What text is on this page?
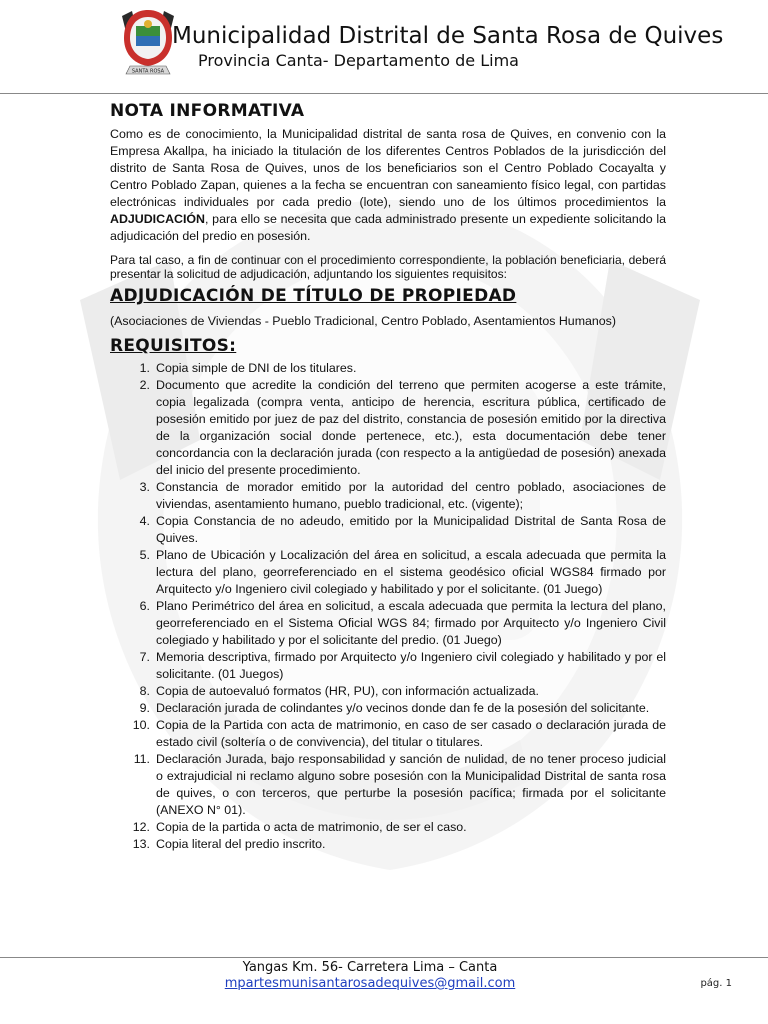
SANTA ROSA
Municipalidad Distrital de Santa Rosa de Quives
Provincia Canta- Departamento de Lima
NOTA INFORMATIVA

Como es de conocimiento, la Municipalidad distrital de santa rosa de Quives, en convenio con la Empresa Akallpa, ha iniciado la titulación de los diferentes Centros Poblados de la jurisdicción del distrito de Santa Rosa de Quives, unos de los beneficiarios son el Centro Poblado Cocayalta y Centro Poblado Zapan, quienes a la fecha se encuentran con saneamiento físico legal, con partidas electrónicas individuales por cada predio (lote), siendo uno de los últimos procedimientos la ADJUDICACIÓN, para ello se necesita que cada administrado presente un expediente solicitando la adjudicación del predio en posesión.

Para tal caso, a fin de continuar con el procedimiento correspondiente, la población beneficiaria, deberá presentar la solicitud de adjudicación, adjuntando los siguientes requisitos:

ADJUDICACIÓN DE TÍTULO DE PROPIEDAD

(Asociaciones de Viviendas - Pueblo Tradicional, Centro Poblado, Asentamientos Humanos)

REQUISITOS:
1. Copia simple de DNI de los titulares.
2. Documento que acredite la condición del terreno que permiten acogerse a este trámite, copia legalizada (compra venta, anticipo de herencia, escritura pública, certificado de posesión emitido por juez de paz del distrito, constancia de posesión emitido por la directiva de la organización social donde pertenece, etc.), esta documentación debe tener concordancia con la declaración jurada (con respecto a la antigüedad de posesión) anexada del inicio del presente procedimiento.
3. Constancia de morador emitido por la autoridad del centro poblado, asociaciones de viviendas, asentamiento humano, pueblo tradicional, etc. (vigente);
4. Copia Constancia de no adeudo, emitido por la Municipalidad Distrital de Santa Rosa de Quives.
5. Plano de Ubicación y Localización del área en solicitud, a escala adecuada que permita la lectura del plano, georreferenciado en el sistema geodésico oficial WGS84 firmado por Arquitecto y/o Ingeniero civil colegiado y habilitado y por el solicitante. (01 Juego)
6. Plano Perimétrico del área en solicitud, a escala adecuada que permita la lectura del plano, georreferenciado en el Sistema Oficial WGS 84; firmado por Arquitecto y/o Ingeniero Civil colegiado y habilitado y por el solicitante del predio. (01 Juego)
7. Memoria descriptiva, firmado por Arquitecto y/o Ingeniero civil colegiado y habilitado y por el solicitante. (01 Juegos)
8. Copia de autoevaluó formatos (HR, PU), con información actualizada.
9. Declaración jurada de colindantes y/o vecinos donde dan fe de la posesión del solicitante.
10. Copia de la Partida con acta de matrimonio, en caso de ser casado o declaración jurada de estado civil (soltería o de convivencia), del titular o titulares.
11. Declaración Jurada, bajo responsabilidad y sanción de nulidad, de no tener proceso judicial o extrajudicial ni reclamo alguno sobre posesión con la Municipalidad Distrital de santa rosa de quives, o con terceros, que perturbe la posesión pacífica; firmada por el solicitante (ANEXO N° 01).
12. Copia de la partida o acta de matrimonio, de ser el caso.
13. Copia literal del predio inscrito.
Yangas Km. 56- Carretera Lima – Canta
mpartesmunisantarosadequives@gmail.com	pág. 1
